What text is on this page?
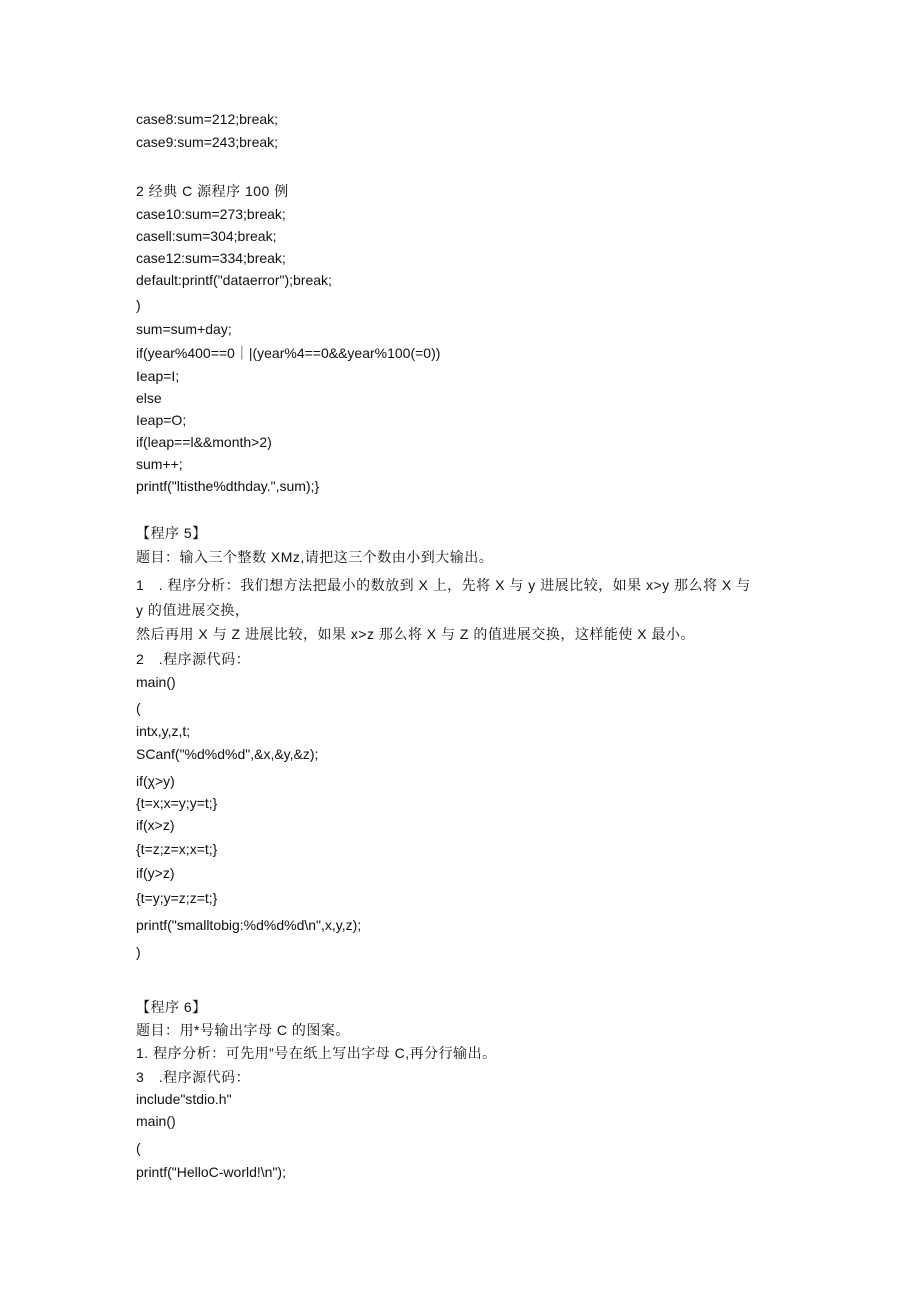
case8:sum=212;break;
case9:sum=243;break;
2 经典 C 源程序 100 例
case10:sum=273;break;
casell:sum=304;break;
case12:sum=334;break;
default:printf("dataerror");break;
)
sum=sum+day;
if(year%400==0｜|(year%4==0&&year%100(=0))
Ieap=I;
else
Ieap=O;
if(leap==l&&month>2)
sum++;
printf("ltisthe%dthday.",sum);}
【程序 5】
题目：输入三个整数 XMz,请把这三个数由小到大输出。
1　. 程序分析：我们想方法把最小的数放到 X 上，先将 X 与 y 进展比较，如果 x>y 那么将 X 与
y 的值进展交换，
然后再用 X 与 Z 进展比较，如果 x>z 那么将 X 与 Z 的值进展交换，这样能使 X 最小。
2　.程序源代码：
main()
(
intx,y,z,t;
SCanf("%d%d%d",&x,&y,&z);
if(χ>y)
{t=x;x=y;y=t;}
if(x>z)
{t=z;z=x;x=t;}
if(y>z)
{t=y;y=z;z=t;}
printf("smalltobig:%d%d%d\n",x,y,z);
)
【程序 6】
题目：用*号输出字母 C 的图案。
1. 程序分析：可先用”号在纸上写出字母 C,再分行输出。
3　.程序源代码：
include"stdio.h"
main()
(
printf("HelloC-world!\n");
